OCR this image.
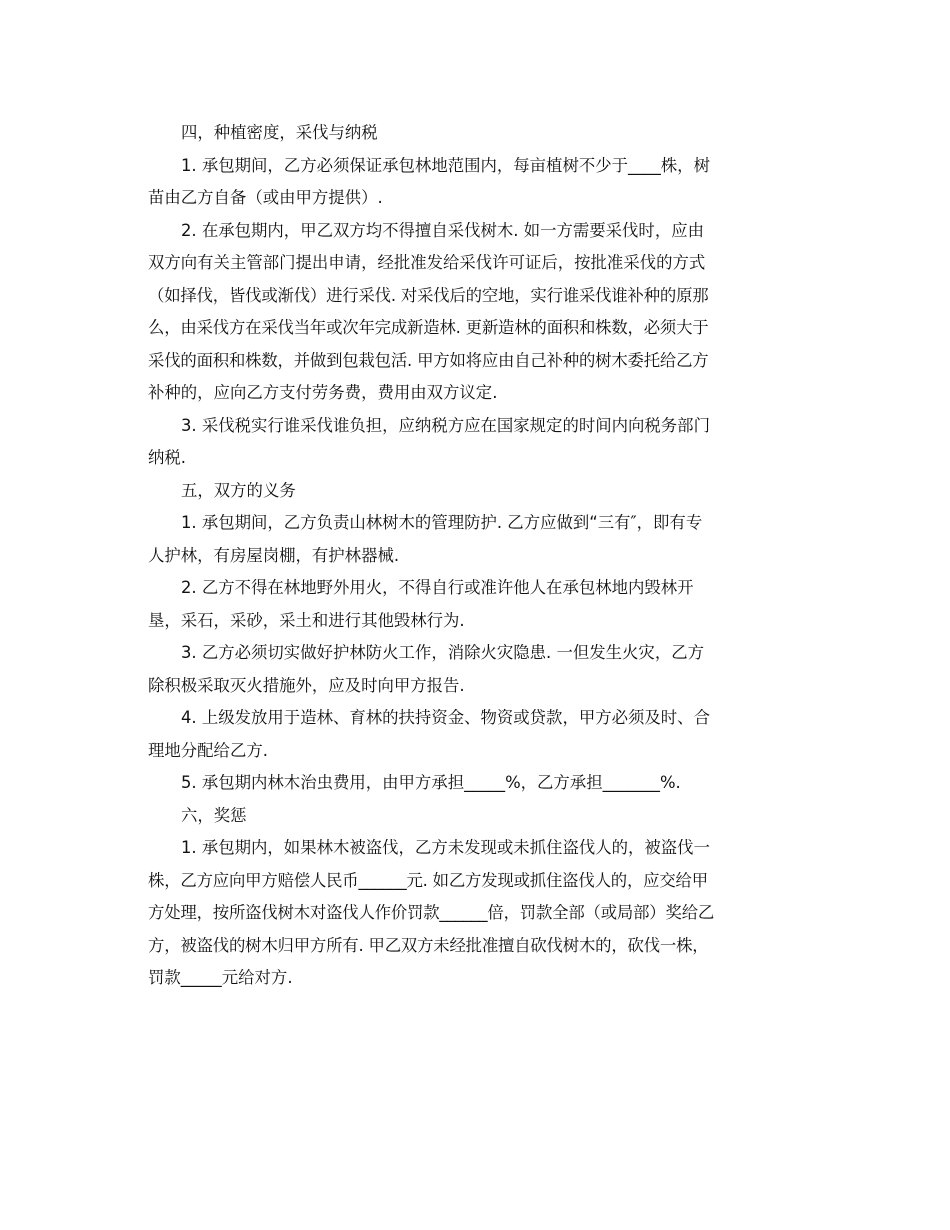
四，种植密度，采伐与纳税
1. 承包期间，乙方必须保证承包林地范围内，每亩植树不少于____株，树
苗由乙方自备（或由甲方提供）.
2. 在承包期内，甲乙双方均不得擅自采伐树木. 如一方需要采伐时，应由
双方向有关主管部门提出申请，经批准发给采伐许可证后，按批准采伐的方式
（如择伐，皆伐或渐伐）进行采伐. 对采伐后的空地，实行谁采伐谁补种的原那
么，由采伐方在采伐当年或次年完成新造林. 更新造林的面积和株数，必须大于
采伐的面积和株数，并做到包栽包活. 甲方如将应由自己补种的树木委托给乙方
补种的，应向乙方支付劳务费，费用由双方议定.
3. 采伐税实行谁采伐谁负担，应纳税方应在国家规定的时间内向税务部门
纳税.
五，双方的义务
1. 承包期间，乙方负责山林树木的管理防护. 乙方应做到“三有″，即有专
人护林，有房屋岗棚，有护林器械.
2. 乙方不得在林地野外用火，不得自行或准许他人在承包林地内毁林开
垦，采石，采砂，采土和进行其他毁林行为.
3. 乙方必须切实做好护林防火工作，消除火灾隐患. 一但发生火灾，乙方
除积极采取灭火措施外，应及时向甲方报告.
4. 上级发放用于造林、育林的扶持资金、物资或贷款，甲方必须及时、合
理地分配给乙方.
5. 承包期内林木治虫费用，由甲方承担_____%，乙方承担_______%.
六，奖惩
1. 承包期内，如果林木被盗伐，乙方未发现或未抓住盗伐人的，被盗伐一
株，乙方应向甲方赔偿人民币______元. 如乙方发现或抓住盗伐人的，应交给甲
方处理，按所盗伐树木对盗伐人作价罚款______倍，罚款全部（或局部）奖给乙
方，被盗伐的树木归甲方所有. 甲乙双方未经批准擅自砍伐树木的，砍伐一株，
罚款_____元给对方.
